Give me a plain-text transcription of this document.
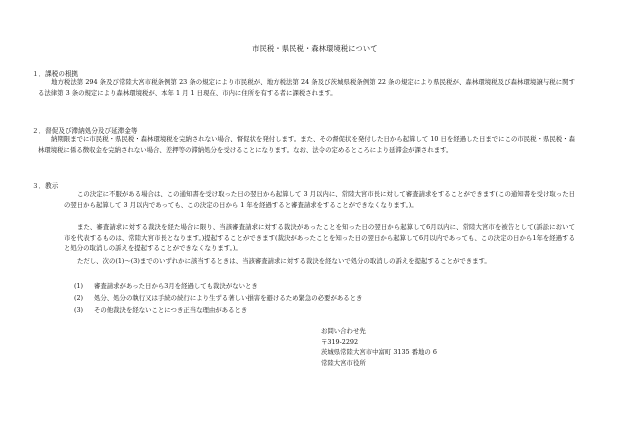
市民税・県民税・森林環境税について
１．課税の根拠

地方税法第 294 条及び常陸大宮市税条例第 23 条の規定により市民税が、地方税法第 24 条及び茨城県税条例第 22 条の規定により県民税が、森林環境税及び森林環境譲与税に関する法律第 3 条の規定により森林環境税が、本年 1 月 1 日現在、市内に住所を有する者に課税されます。

２．督促及び滞納処分及び延滞金等

納期限までに市民税・県民税・森林環境税を完納されない場合、督促状を発付します。また、その督促状を発付した日から起算して 10 日を経過した日までにこの市民税・県民税・森林環境税に係る徴収金を完納されない場合、差押等の滞納処分を受けることになります。なお、法令の定めるところにより延滞金が課されます。

３．教示

この決定に不服がある場合は、この通知書を受け取った日の翌日から起算して 3 月以内に、常陸大宮市長に対して審査請求をすることができます(この通知書を受け取った日の翌日から起算して 3 月以内であっても、この決定の日から 1 年を経過すると審査請求をすることができなくなります。)。

また、審査請求に対する裁決を経た場合に限り、当該審査請求に対する裁決があったことを知った日の翌日から起算して6月以内に、常陸大宮市を被告として(訴訟において市を代表するものは、常陸大宮市長となります。)提起することができます(裁決があったことを知った日の翌日から起算して6月以内であっても、この決定の日から1年を経過すると処分の取消しの訴えを提起することができなくなります。)。

ただし、次の(1)～(3)までのいずれかに該当するときは、当該審査請求に対する裁決を経ないで処分の取消しの訴えを提起することができます。

(1) 審査請求があった日から3月を経過しても裁決がないとき
(2) 処分、処分の執行又は手続の続行により生ずる著しい損害を避けるため緊急の必要があるとき
(3) その他裁決を経ないことにつき正当な理由があるとき
お問い合わせ先
〒319-2292
茨城県常陸大宮市中富町 3135 番地の 6
常陸大宮市役所
